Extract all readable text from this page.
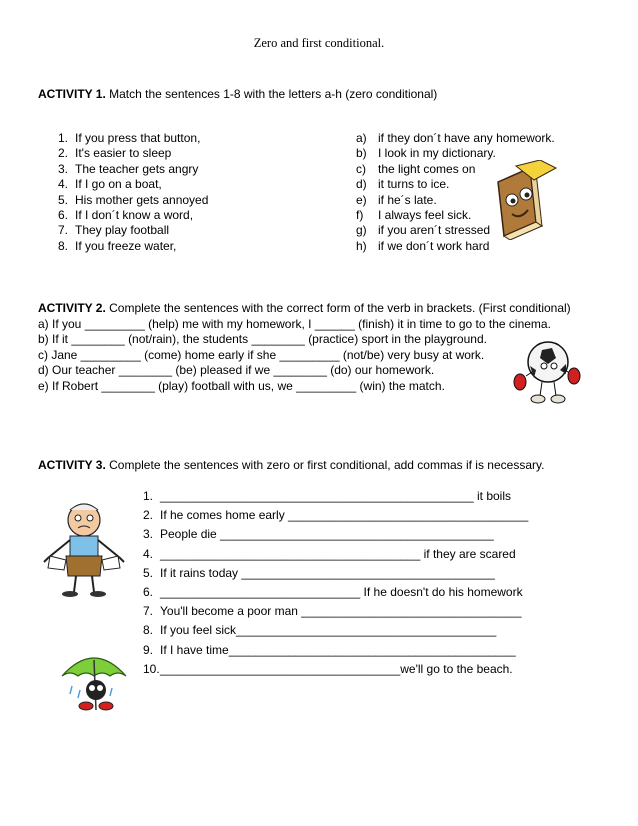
Zero and first conditional.
ACTIVITY 1. Match the sentences 1-8 with the letters a-h (zero conditional)
1. If you press that button,
2. It's easier to sleep
3. The teacher gets angry
4. If I go on a boat,
5. His mother gets annoyed
6. If I don´t know a word,
7. They play football
8. If you freeze water,
a) if they don´t have any homework.
b) I look in my dictionary.
c) the light comes on
d) it turns to ice.
e) if he´s late.
f) I always feel sick.
g) if you aren´t stressed
h) if we don´t work hard
ACTIVITY 2. Complete the sentences with the correct form of the verb in brackets. (First conditional)
a) If you _________ (help) me with my homework, I ______ (finish) it in time to go to the cinema.
b) If it ________ (not/rain), the students ________ (practice) sport in the playground.
c) Jane _________ (come) home early if she _________ (not/be) very busy at work.
d) Our teacher ________ (be) pleased if we ________ (do) our homework.
e) If Robert ________ (play) football with us, we _________ (win) the match.
ACTIVITY 3. Complete the sentences with zero or first conditional, add commas if is necessary.
1. _______________________________________________ it boils
2. If he comes home early ____________________________________
3. People die _________________________________________
4. _______________________________________ if they are scared
5. If it rains today ______________________________________
6. ______________________________ If he doesn't do his homework
7. You'll become a poor man _________________________________
8. If you feel sick_______________________________________
9. If I have time___________________________________________
10.____________________________________we'll go to the beach.
